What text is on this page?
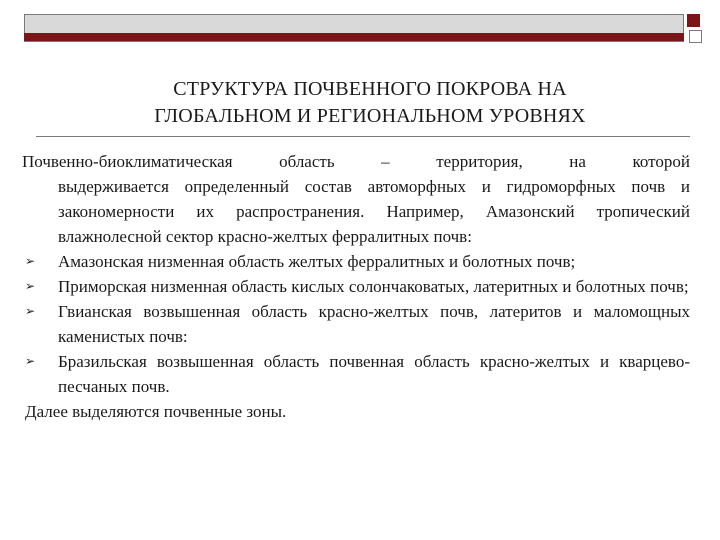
СТРУКТУРА ПОЧВЕННОГО ПОКРОВА НА
ГЛОБАЛЬНОМ И РЕГИОНАЛЬНОМ УРОВНЯХ
Почвенно-биоклиматическая область – территория, на которой
выдерживается определенный состав автоморфных и гидроморфных почв и закономерности их распространения. Например, Амазонский тропический влажнолесной сектор красно-желтых ферралитных почв:
➢ Амазонская низменная область желтых ферралитных и болотных почв;
➢ Приморская низменная область кислых солончаковатых, латеритных и болотных почв;
➢ Гвианская возвышенная область красно-желтых почв, латеритов и маломощных каменистых почв:
➢ Бразильская возвышенная область почвенная область красно-желтых и кварцево-песчаных почв.
Далее выделяются почвенные зоны.
